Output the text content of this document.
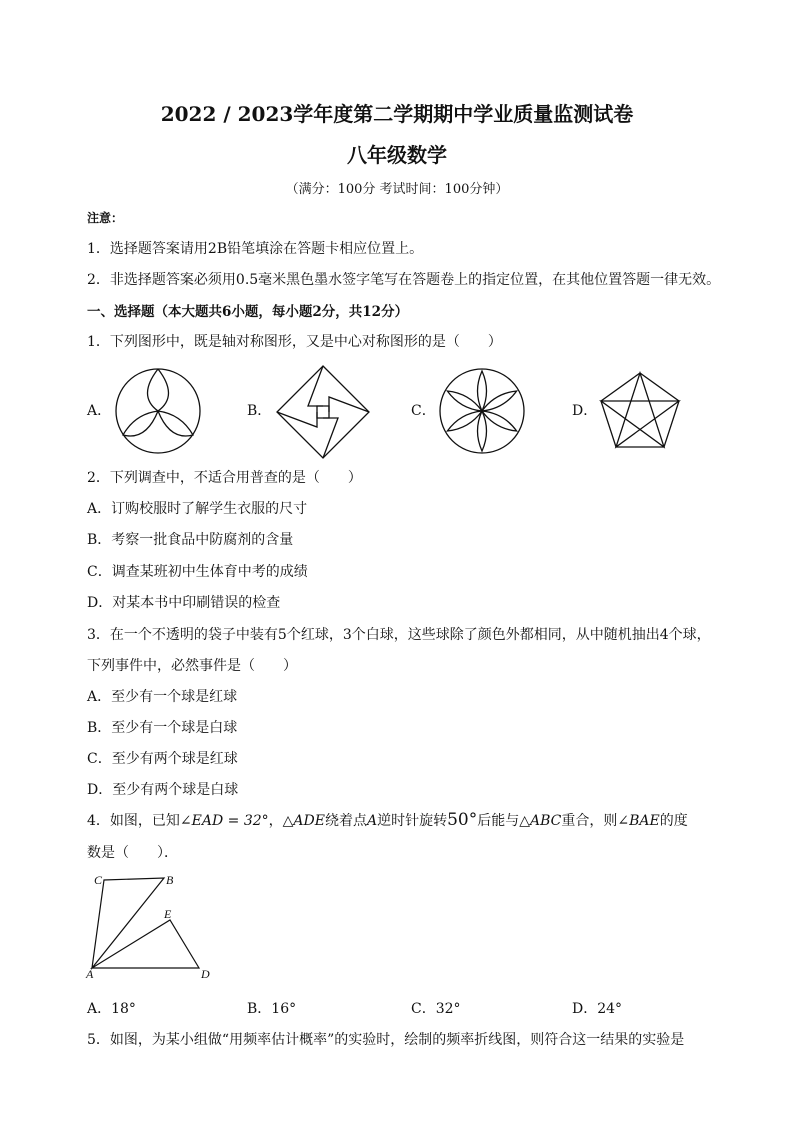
2022 / 2023学年度第二学期期中学业质量监测试卷
八年级数学
（满分：100分 考试时间：100分钟）
注意：
1．选择题答案请用2B铅笔填涂在答题卡相应位置上。
2．非选择题答案必须用0.5毫米黑色墨水签字笔写在答题卷上的指定位置，在其他位置答题一律无效。
一、选择题（本大题共6小题，每小题2分，共12分）
1．下列图形中，既是轴对称图形，又是中心对称图形的是（　　）
A．	B．	C．	D．
2．下列调查中，不适合用普查的是（　　）
A．订购校服时了解学生衣服的尺寸
B．考察一批食品中防腐剂的含量
C．调查某班初中生体育中考的成绩
D．对某本书中印刷错误的检查
3．在一个不透明的袋子中装有5个红球，3个白球，这些球除了颜色外都相同，从中随机抽出4个球，
下列事件中，必然事件是（　　）
A．至少有一个球是红球
B．至少有一个球是白球
C．至少有两个球是红球
D．至少有两个球是白球
4．如图，已知∠EAD = 32°，△ADE绕着点A逆时针旋转50°后能与△ABC重合，则∠BAE的度
数是（　　）．
C	B
E
A	D
A．18°	B．16°	C．32°	D．24°
5．如图，为某小组做“用频率估计概率”的实验时，绘制的频率折线图，则符合这一结果的实验是
